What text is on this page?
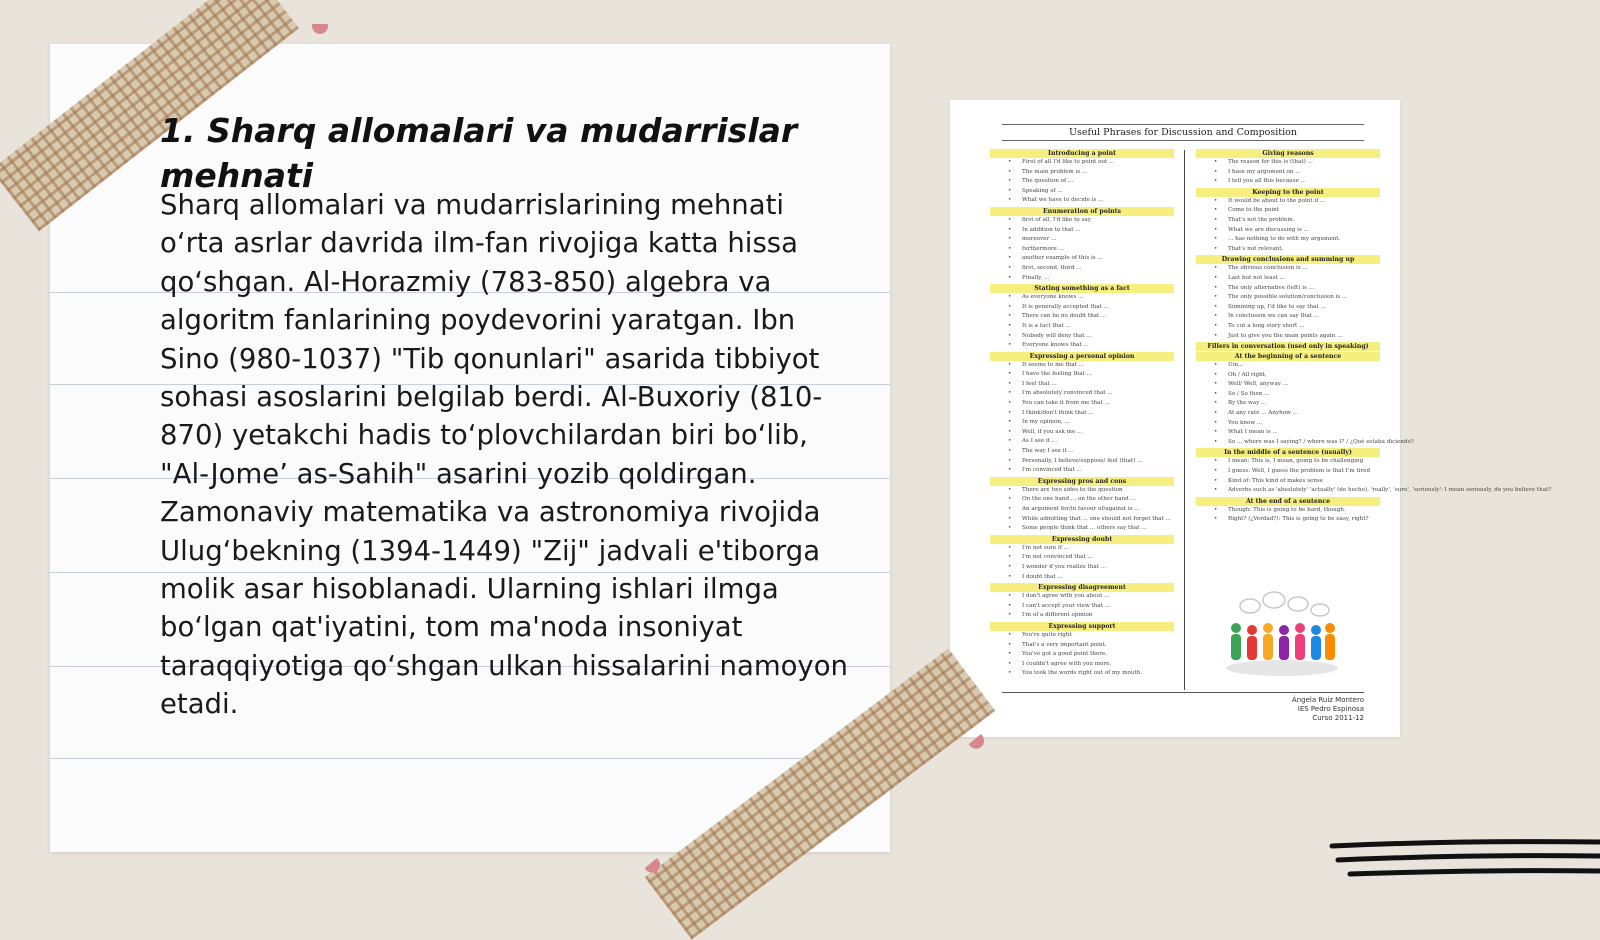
1. Sharq allomalari va mudarrislar mehnati

Sharq allomalari va mudarrislarining mehnati o‘rta asrlar davrida ilm-fan rivojiga katta hissa qo‘shgan. Al-Horazmiy (783-850) algebra va algoritm fanlarining poydevorini yaratgan. Ibn Sino (980-1037) "Tib qonunlari" asarida tibbiyot sohasi asoslarini belgilab berdi. Al-Buxoriy (810-870) yetakchi hadis to‘plovchilardan biri bo‘lib, "Al-Jome’ as-Sahih" asarini yozib qoldirgan. Zamonaviy matematika va astronomiya rivojida Ulug‘bekning (1394-1449) "Zij" jadvali e'tiborga molik asar hisoblanadi. Ularning ishlari ilmga bo‘lgan qat'iyatini, tom ma'noda insoniyat taraqqiyotiga qo‘shgan ulkan hissalarini namoyon etadi.

Useful Phrases for Discussion and Composition
Introducing a point
• First of all I'd like to point out ...
• The main problem is ...
• The question of ...
• Speaking of ...
• What we have to decide is ...
Enumeration of points
• first of all, I'd like to say
• In addition to that ...
• moreover ...
• furthermore ...
• another example of this is ...
• first, second, third ...
• Finally, ...
Stating something as a fact
• As everyone knows ...
• It is generally accepted that ...
• There can be no doubt that ...
• It is a fact that ...
• Nobody will deny that ...
• Everyone knows that ...
Expressing a personal opinion
• It seems to me that ...
• I have the feeling that ...
• I feel that ...
• I'm absolutely convinced that ...
• You can take it from me that ...
• I think/don't think that ...
• In my opinion, ...
• Well, if you ask me ...
• As I see it ...
• The way I see it ...
• Personally, I believe/suppose/ feel (that) ...
• I'm convinced that ...
Expressing pros and cons
• There are two sides to the question
• On the one hand ... on the other hand ...
• An argument for/in favour of/against is ...
• While admitting that ... one should not forget that ...
• Some people think that ... others say that ...
Expressing doubt
• I'm not sure if ...
• I'm not convinced that ...
• I wonder if you realize that ...
• I doubt that ...
Expressing disagreement
• I don't agree with you about ...
• I can't accept your view that ...
• I'm of a different opinion
Expressing support
• You're quite right
• That's a very important point.
• You've got a good point there.
• I couldn't agree with you more.
• You took the words right out of my mouth.
Giving reasons
• The reason for this is (that) ...
• I base my argument on ...
• I tell you all this because ...
Keeping to the point
• It would be about to the point if ...
• Come to the point
• That's not the problem.
• What we are discussing is ...
• ... has nothing to do with my argument.
• That's not relevant.
Drawing conclusions and summing up
• The obvious conclusion is ...
• Last but not least ...
• The only alternative (left) is ...
• The only possible solution/conclusion is ...
• Summing up, I'd like to say that ...
• In conclusion we can say that ...
• To cut a long story short ...
• Just to give you the main points again ...
Fillers in conversation (used only in speaking)
At the beginning of a sentence
• Um...
• Oh / All right,
• Well/ Well, anyway ...
• So / So then ...
• By the way ...
• At any rate ... Anyhow ...
• You know ...
• What I mean is ...
• So ... where was I saying? / where was I? / ¿Qué estaba diciendo?
In the middle of a sentence (usually)
• I mean: This is, I mean, going to be challenging
• I guess: Well, I guess the problem is that I'm tired
• Kind of: This kind of makes sense
• Adverbs such as 'absolutely' 'actually' (de hecho), 'really', 'sure', 'seriously': I mean seriously, do you believe that?
At the end of a sentence
• Though: This is going to be hard, though.
• Right? (¿Verdad?): This is going to be easy, right?
Ángela Ruiz Montero
IES Pedro Espinosa
Curso 2011-12
